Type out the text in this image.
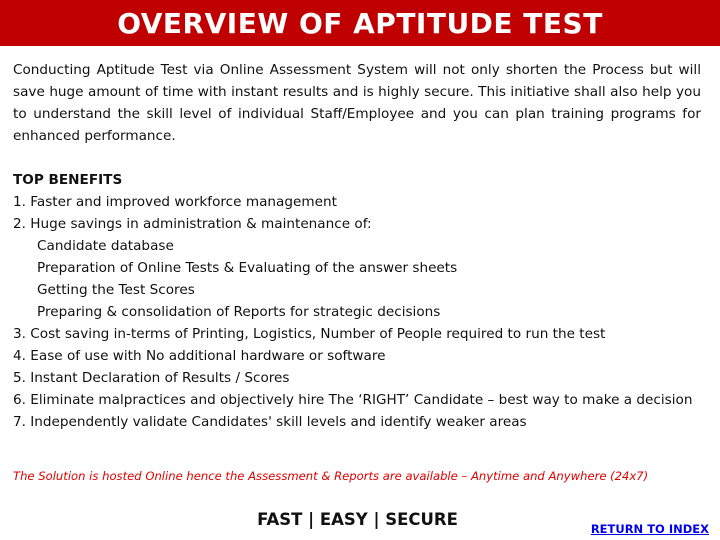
OVERVIEW OF APTITUDE TEST

Conducting Aptitude Test via Online Assessment System will not only shorten the Process but will save huge amount of time with instant results and is highly secure. This initiative shall also help you to understand the skill level of individual Staff/Employee and you can plan training programs for enhanced performance.

TOP BENEFITS

1. Faster and improved workforce management

2. Huge savings in administration & maintenance of:

Candidate database

Preparation of Online Tests & Evaluating of the answer sheets

Getting the Test Scores

Preparing & consolidation of Reports for strategic decisions

3. Cost saving in-terms of Printing, Logistics, Number of People required to run the test

4. Ease of use with No additional hardware or software

5. Instant Declaration of Results / Scores

6. Eliminate malpractices and objectively hire The ‘RIGHT’ Candidate – best way to make a decision

7. Independently validate Candidates' skill levels and identify weaker areas

The Solution is hosted Online hence the Assessment & Reports are available – Anytime and Anywhere (24x7)
FAST | EASY | SECURE	RETURN TO INDEX
